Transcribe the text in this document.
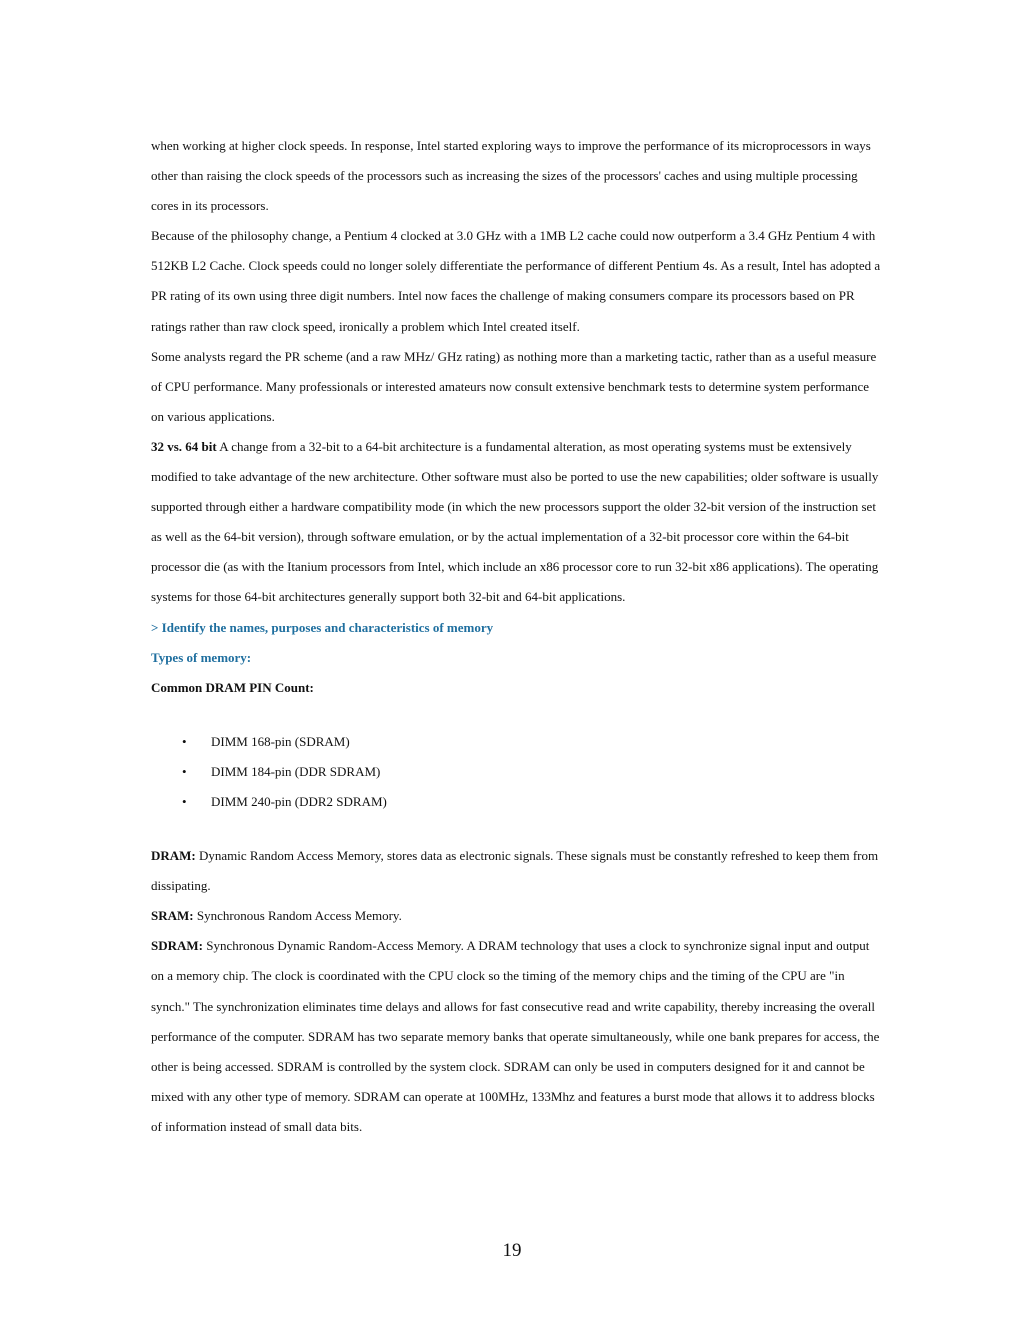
when working at higher clock speeds. In response, Intel started exploring ways to improve the performance of its microprocessors in ways other than raising the clock speeds of the processors such as increasing the sizes of the processors' caches and using multiple processing cores in its processors.

Because of the philosophy change, a Pentium 4 clocked at 3.0 GHz with a 1MB L2 cache could now outperform a 3.4 GHz Pentium 4 with 512KB L2 Cache. Clock speeds could no longer solely differentiate the performance of different Pentium 4s. As a result, Intel has adopted a PR rating of its own using three digit numbers. Intel now faces the challenge of making consumers compare its processors based on PR ratings rather than raw clock speed, ironically a problem which Intel created itself.

Some analysts regard the PR scheme (and a raw MHz/ GHz rating) as nothing more than a marketing tactic, rather than as a useful measure of CPU performance. Many professionals or interested amateurs now consult extensive benchmark tests to determine system performance on various applications.

32 vs. 64 bit A change from a 32-bit to a 64-bit architecture is a fundamental alteration, as most operating systems must be extensively modified to take advantage of the new architecture. Other software must also be ported to use the new capabilities; older software is usually supported through either a hardware compatibility mode (in which the new processors support the older 32-bit version of the instruction set as well as the 64-bit version), through software emulation, or by the actual implementation of a 32-bit processor core within the 64-bit processor die (as with the Itanium processors from Intel, which include an x86 processor core to run 32-bit x86 applications). The operating systems for those 64-bit architectures generally support both 32-bit and 64-bit applications.

> Identify the names, purposes and characteristics of memory

Types of memory:

Common DRAM PIN Count:

• DIMM 168-pin (SDRAM)
• DIMM 184-pin (DDR SDRAM)
• DIMM 240-pin (DDR2 SDRAM)

DRAM: Dynamic Random Access Memory, stores data as electronic signals. These signals must be constantly refreshed to keep them from dissipating.

SRAM: Synchronous Random Access Memory.

SDRAM: Synchronous Dynamic Random-Access Memory. A DRAM technology that uses a clock to synchronize signal input and output on a memory chip. The clock is coordinated with the CPU clock so the timing of the memory chips and the timing of the CPU are "in synch." The synchronization eliminates time delays and allows for fast consecutive read and write capability, thereby increasing the overall performance of the computer. SDRAM has two separate memory banks that operate simultaneously, while one bank prepares for access, the other is being accessed. SDRAM is controlled by the system clock. SDRAM can only be used in computers designed for it and cannot be mixed with any other type of memory. SDRAM can operate at 100MHz, 133Mhz and features a burst mode that allows it to address blocks of information instead of small data bits.

19
